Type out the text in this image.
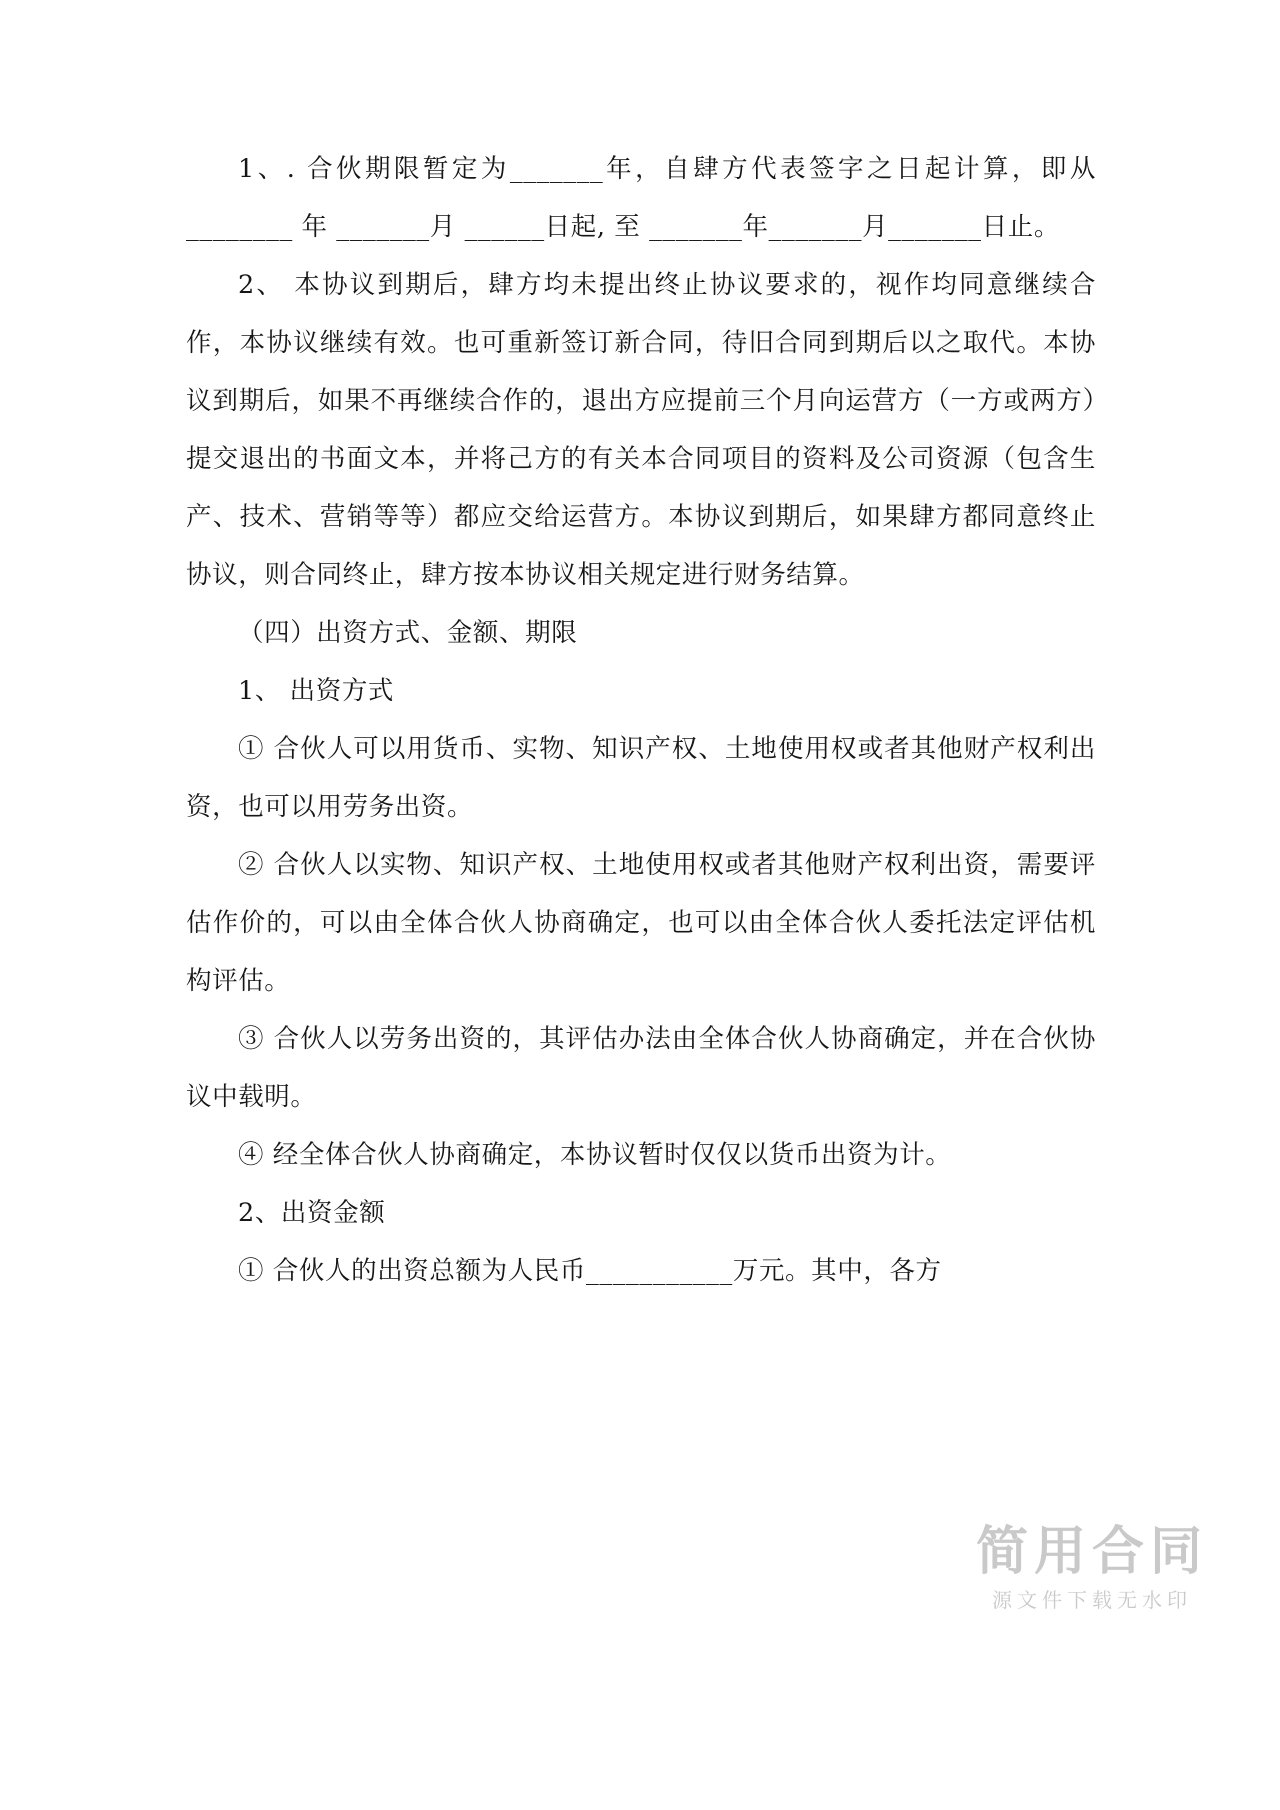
1、. 合伙期限暂定为_______年，自肆方代表签字之日起计算，即从 ________ 年 _______月 ______日起, 至 _______年_______月_______日止。

2、 本协议到期后，肆方均未提出终止协议要求的，视作均同意继续合作，本协议继续有效。也可重新签订新合同，待旧合同到期后以之取代。本协议到期后，如果不再继续合作的，退出方应提前三个月向运营方（一方或两方）提交退出的书面文本，并将己方的有关本合同项目的资料及公司资源（包含生产、技术、营销等等）都应交给运营方。本协议到期后，如果肆方都同意终止协议，则合同终止，肆方按本协议相关规定进行财务结算。

（四）出资方式、金额、期限

1、 出资方式

① 合伙人可以用货币、实物、知识产权、土地使用权或者其他财产权利出资，也可以用劳务出资。

② 合伙人以实物、知识产权、土地使用权或者其他财产权利出资，需要评估作价的，可以由全体合伙人协商确定，也可以由全体合伙人委托法定评估机构评估。

③ 合伙人以劳务出资的，其评估办法由全体合伙人协商确定，并在合伙协议中载明。

④ 经全体合伙人协商确定，本协议暂时仅仅以货币出资为计。

2、出资金额

① 合伙人的出资总额为人民币___________万元。其中，各方

简用合同
源文件下载无水印
